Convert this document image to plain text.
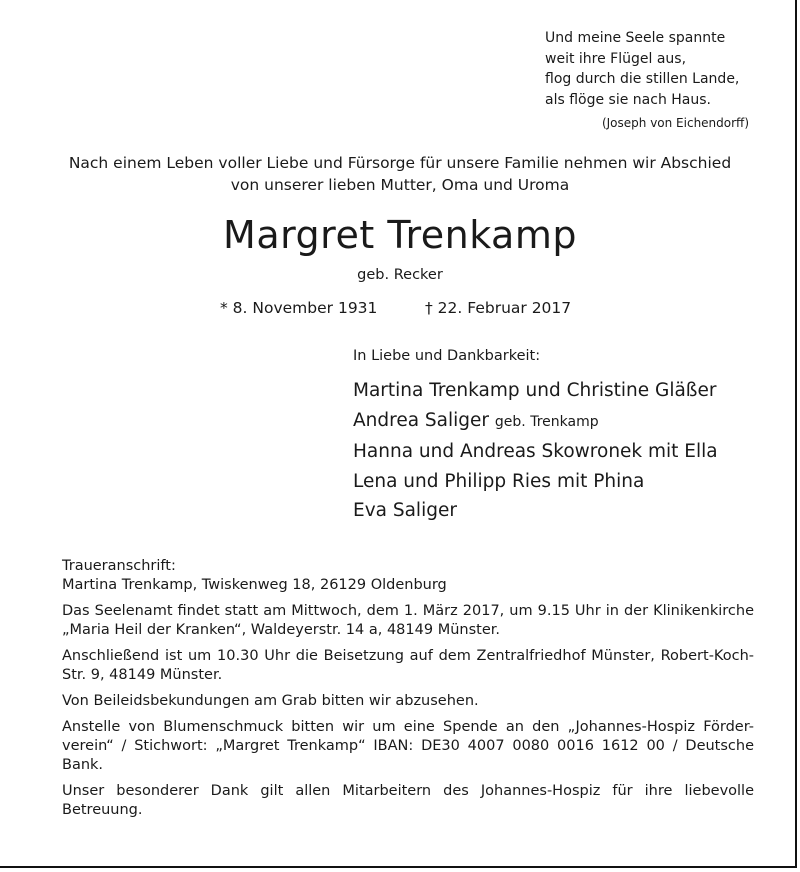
Und meine Seele spannte
weit ihre Flügel aus,
flog durch die stillen Lande,
als flöge sie nach Haus.
(Joseph von Eichendorff)
Nach einem Leben voller Liebe und Fürsorge für unsere Familie nehmen wir Abschied
von unserer lieben Mutter, Oma und Uroma
Margret Trenkamp
geb. Recker
* 8. November 1931	† 22. Februar 2017
In Liebe und Dankbarkeit:
Martina Trenkamp und Christine Gläßer
Andrea Saliger geb. Trenkamp
Hanna und Andreas Skowronek mit Ella
Lena und Philipp Ries mit Phina
Eva Saliger

Traueranschrift:

Martina Trenkamp, Twiskenweg 18, 26129 Oldenburg

Das Seelenamt findet statt am Mittwoch, dem 1. März 2017, um 9.15 Uhr in der Klinikenkirche „Maria Heil der Kranken“, Waldeyerstr. 14 a, 48149 Münster.

Anschließend ist um 10.30 Uhr die Beisetzung auf dem Zentralfriedhof Münster, Robert-Koch-Str. 9, 48149 Münster.

Von Beileidsbekundungen am Grab bitten wir abzusehen.

Anstelle von Blumenschmuck bitten wir um eine Spende an den „Johannes-Hospiz Förder-verein“ / Stichwort: „Margret Trenkamp“ IBAN: DE30 4007 0080 0016 1612 00 / Deutsche Bank.

Unser besonderer Dank gilt allen Mitarbeitern des Johannes-Hospiz für ihre liebevolle Betreuung.
